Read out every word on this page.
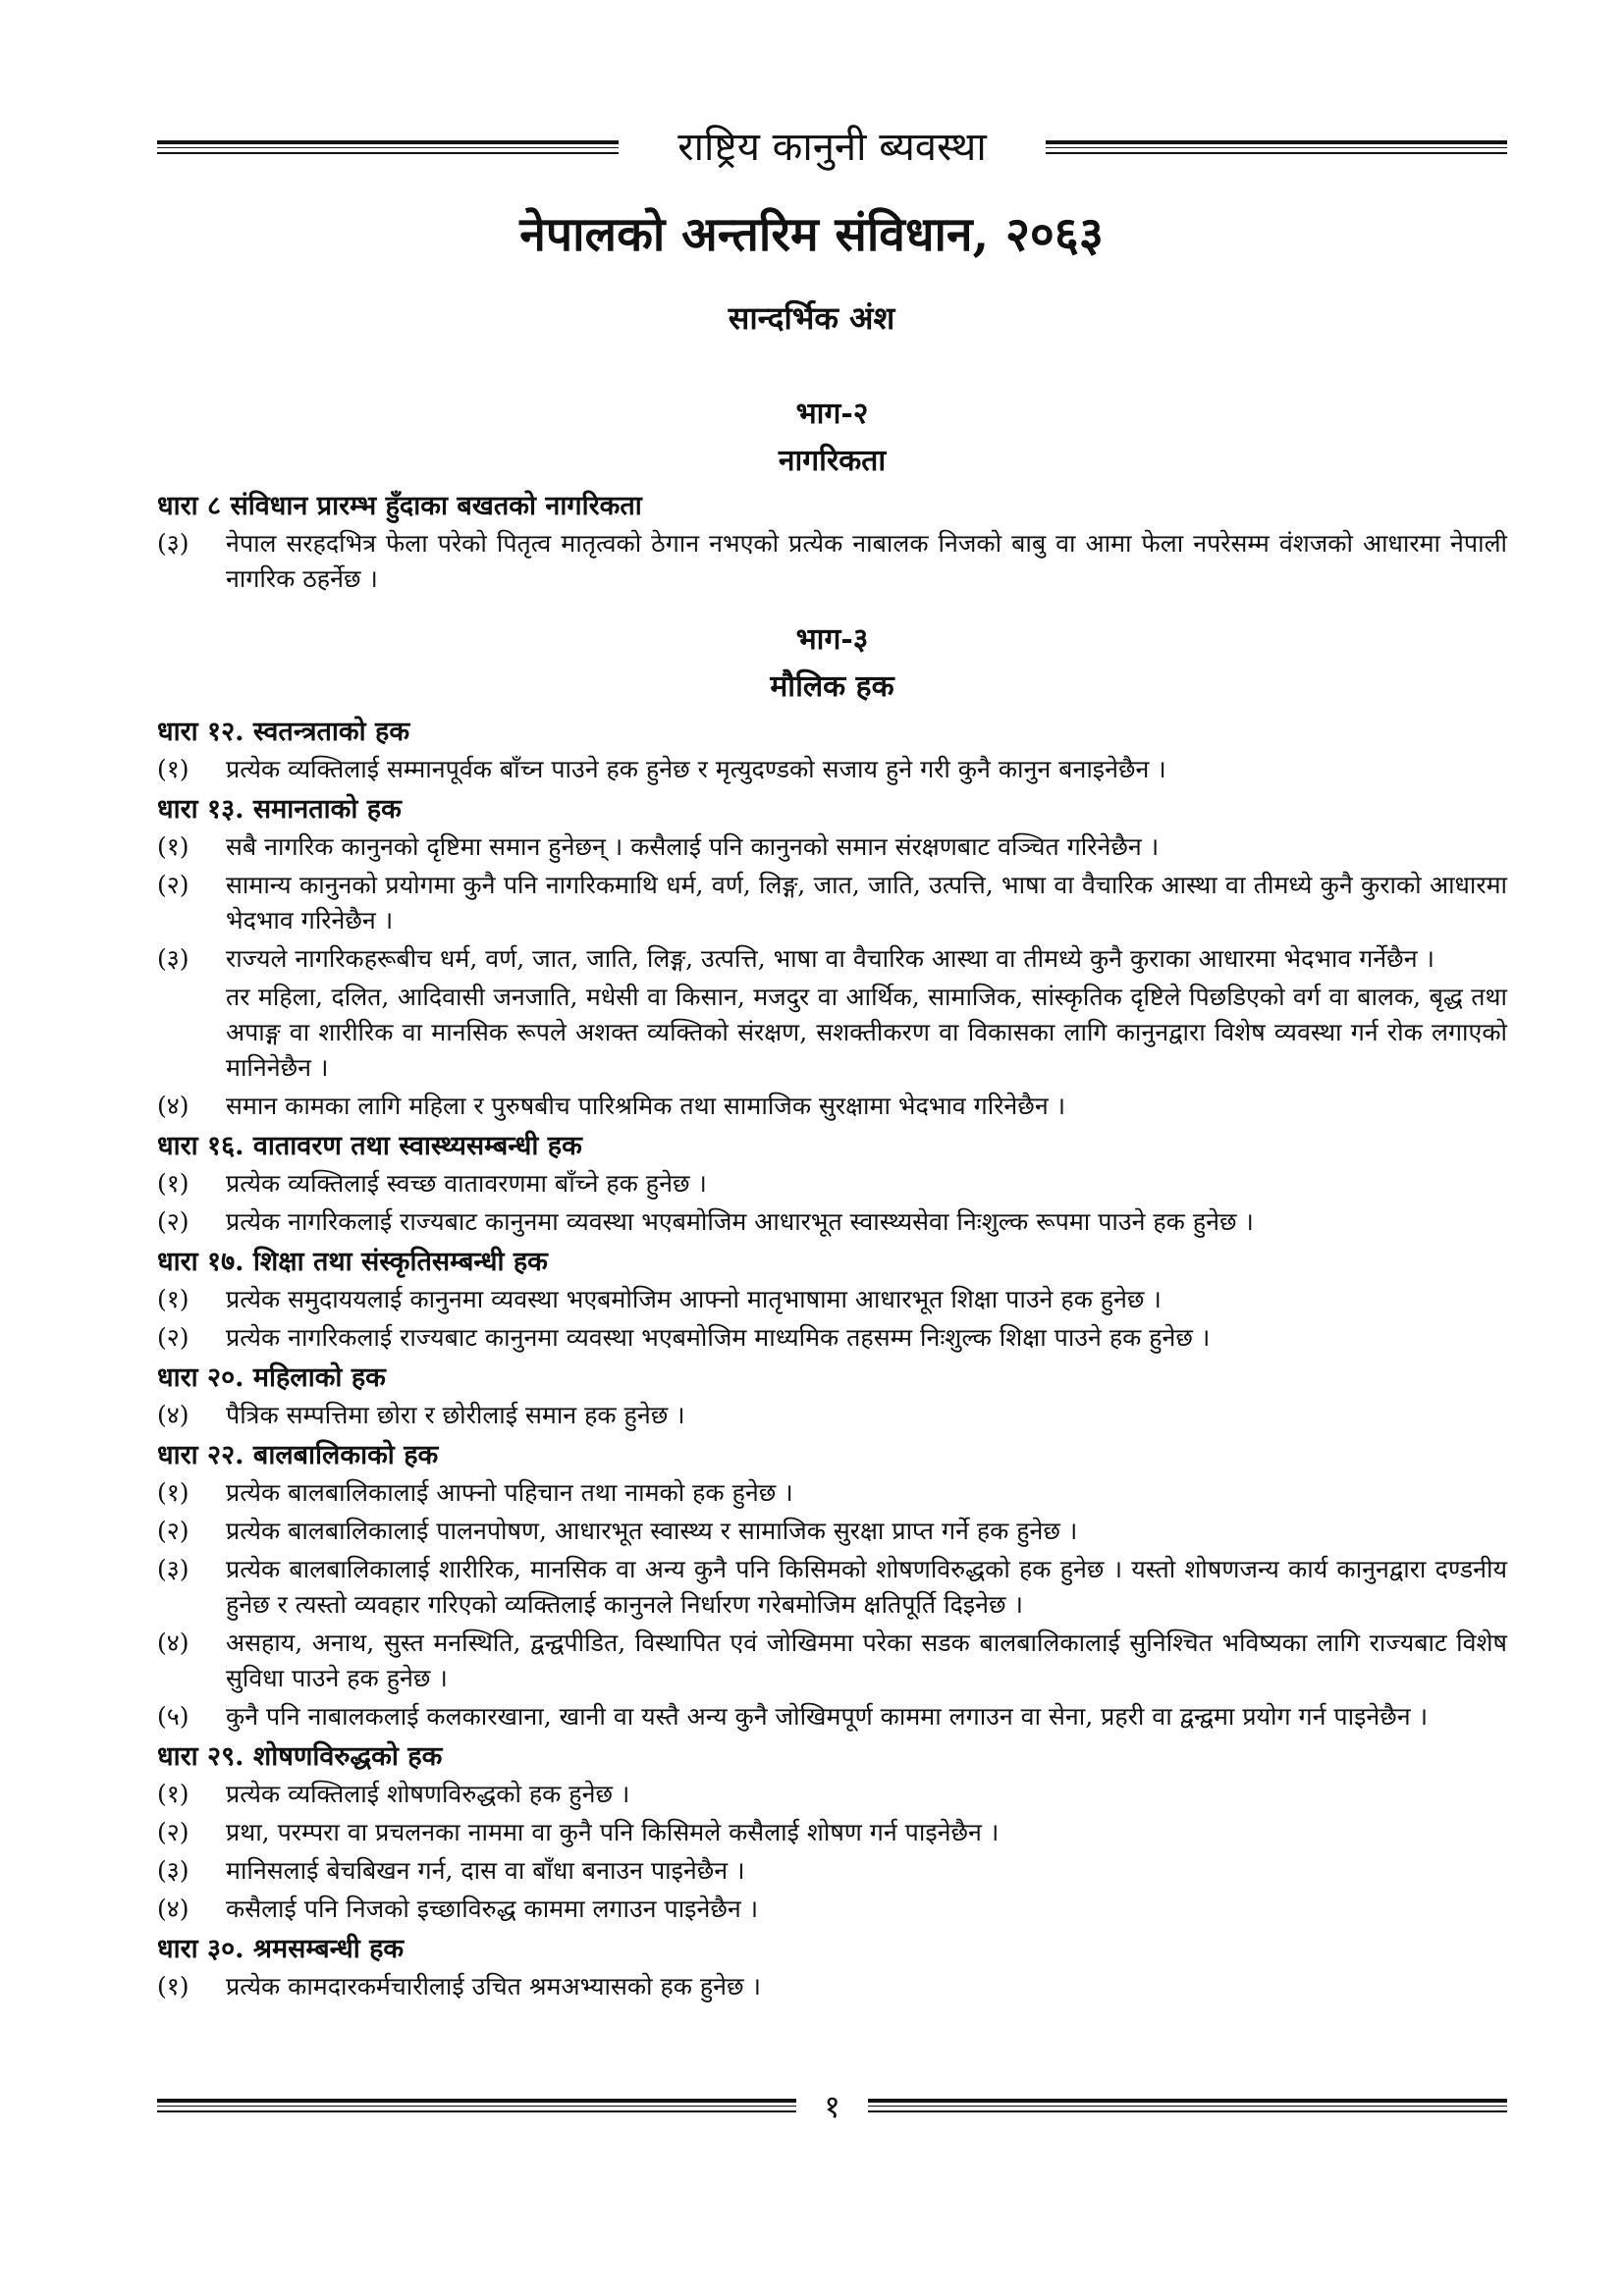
राष्ट्रिय कानुनी ब्यवस्था
नेपालको अन्तरिम संविधान, २०६३
सान्दर्भिक अंश
भाग-२
नागरिकता
धारा ८ संविधान प्रारम्भ हुँदाका बखतको नागरिकता
(३)	नेपाल सरहदभित्र फेला परेको पितृत्व मातृत्वको ठेगान नभएको प्रत्येक नाबालक निजको बाबु वा आमा फेला नपरेसम्म वंशजको आधारमा नेपाली नागरिक ठहर्नेछ ।
भाग-३
मौलिक हक
धारा १२. स्वतन्त्रताको हक
(१)	प्रत्येक व्यक्तिलाई सम्मानपूर्वक बाँच्न पाउने हक हुनेछ र मृत्युदण्डको सजाय हुने गरी कुनै कानुन बनाइनेछैन ।
धारा १३. समानताको हक
(१)	सबै नागरिक कानुनको दृष्टिमा समान हुनेछन् । कसैलाई पनि कानुनको समान संरक्षणबाट वञ्चित गरिनेछैन ।
(२)	सामान्य कानुनको प्रयोगमा कुनै पनि नागरिकमाथि धर्म, वर्ण, लिङ्ग, जात, जाति, उत्पत्ति, भाषा वा वैचारिक आस्था वा तीमध्ये कुनै कुराको आधारमा भेदभाव गरिनेछैन ।
(३)	राज्यले नागरिकहरूबीच धर्म, वर्ण, जात, जाति, लिङ्ग, उत्पत्ति, भाषा वा वैचारिक आस्था वा तीमध्ये कुनै कुराका आधारमा भेदभाव गर्नेछैन ।
तर महिला, दलित, आदिवासी जनजाति, मधेसी वा किसान, मजदुर वा आर्थिक, सामाजिक, सांस्कृतिक दृष्टिले पिछडिएको वर्ग वा बालक, बृद्ध तथा अपाङ्ग वा शारीरिक वा मानसिक रूपले अशक्त व्यक्तिको संरक्षण, सशक्तीकरण वा विकासका लागि कानुनद्वारा विशेष व्यवस्था गर्न रोक लगाएको मानिनेछैन ।
(४)	समान कामका लागि महिला र पुरुषबीच पारिश्रमिक तथा सामाजिक सुरक्षामा भेदभाव गरिनेछैन ।
धारा १६. वातावरण तथा स्वास्थ्यसम्बन्धी हक
(१)	प्रत्येक व्यक्तिलाई स्वच्छ वातावरणमा बाँच्ने हक हुनेछ ।
(२)	प्रत्येक नागरिकलाई राज्यबाट कानुनमा व्यवस्था भएबमोजिम आधारभूत स्वास्थ्यसेवा निःशुल्क रूपमा पाउने हक हुनेछ ।
धारा १७. शिक्षा तथा संस्कृतिसम्बन्धी हक
(१)	प्रत्येक समुदाययलाई कानुनमा व्यवस्था भएबमोजिम आफ्नो मातृभाषामा आधारभूत शिक्षा पाउने हक हुनेछ ।
(२)	प्रत्येक नागरिकलाई राज्यबाट कानुनमा व्यवस्था भएबमोजिम माध्यमिक तहसम्म निःशुल्क शिक्षा पाउने हक हुनेछ ।
धारा २०. महिलाको हक
(४)	पैत्रिक सम्पत्तिमा छोरा र छोरीलाई समान हक हुनेछ ।
धारा २२. बालबालिकाको हक
(१)	प्रत्येक बालबालिकालाई आफ्नो पहिचान तथा नामको हक हुनेछ ।
(२)	प्रत्येक बालबालिकालाई पालनपोषण, आधारभूत स्वास्थ्य र सामाजिक सुरक्षा प्राप्त गर्ने हक हुनेछ ।
(३)	प्रत्येक बालबालिकालाई शारीरिक, मानसिक वा अन्य कुनै पनि किसिमको शोषणविरुद्धको हक हुनेछ । यस्तो शोषणजन्य कार्य कानुनद्वारा दण्डनीय हुनेछ र त्यस्तो व्यवहार गरिएको व्यक्तिलाई कानुनले निर्धारण गरेबमोजिम क्षतिपूर्ति दिइनेछ ।
(४)	असहाय, अनाथ, सुस्त मनस्थिति, द्वन्द्वपीडित, विस्थापित एवं जोखिममा परेका सडक बालबालिकालाई सुनिश्चित भविष्यका लागि राज्यबाट विशेष सुविधा पाउने हक हुनेछ ।
(५)	कुनै पनि नाबालकलाई कलकारखाना, खानी वा यस्तै अन्य कुनै जोखिमपूर्ण काममा लगाउन वा सेना, प्रहरी वा द्वन्द्वमा प्रयोग गर्न पाइनेछैन ।
धारा २९. शोषणविरुद्धको हक
(१)	प्रत्येक व्यक्तिलाई शोषणविरुद्धको हक हुनेछ ।
(२)	प्रथा, परम्परा वा प्रचलनका नाममा वा कुनै पनि किसिमले कसैलाई शोषण गर्न पाइनेछैन ।
(३)	मानिसलाई बेचबिखन गर्न, दास वा बाँधा बनाउन पाइनेछैन ।
(४)	कसैलाई पनि निजको इच्छाविरुद्ध काममा लगाउन पाइनेछैन ।
धारा ३०. श्रमसम्बन्धी हक
(१)	प्रत्येक कामदारकर्मचारीलाई उचित श्रमअभ्यासको हक हुनेछ ।
१
